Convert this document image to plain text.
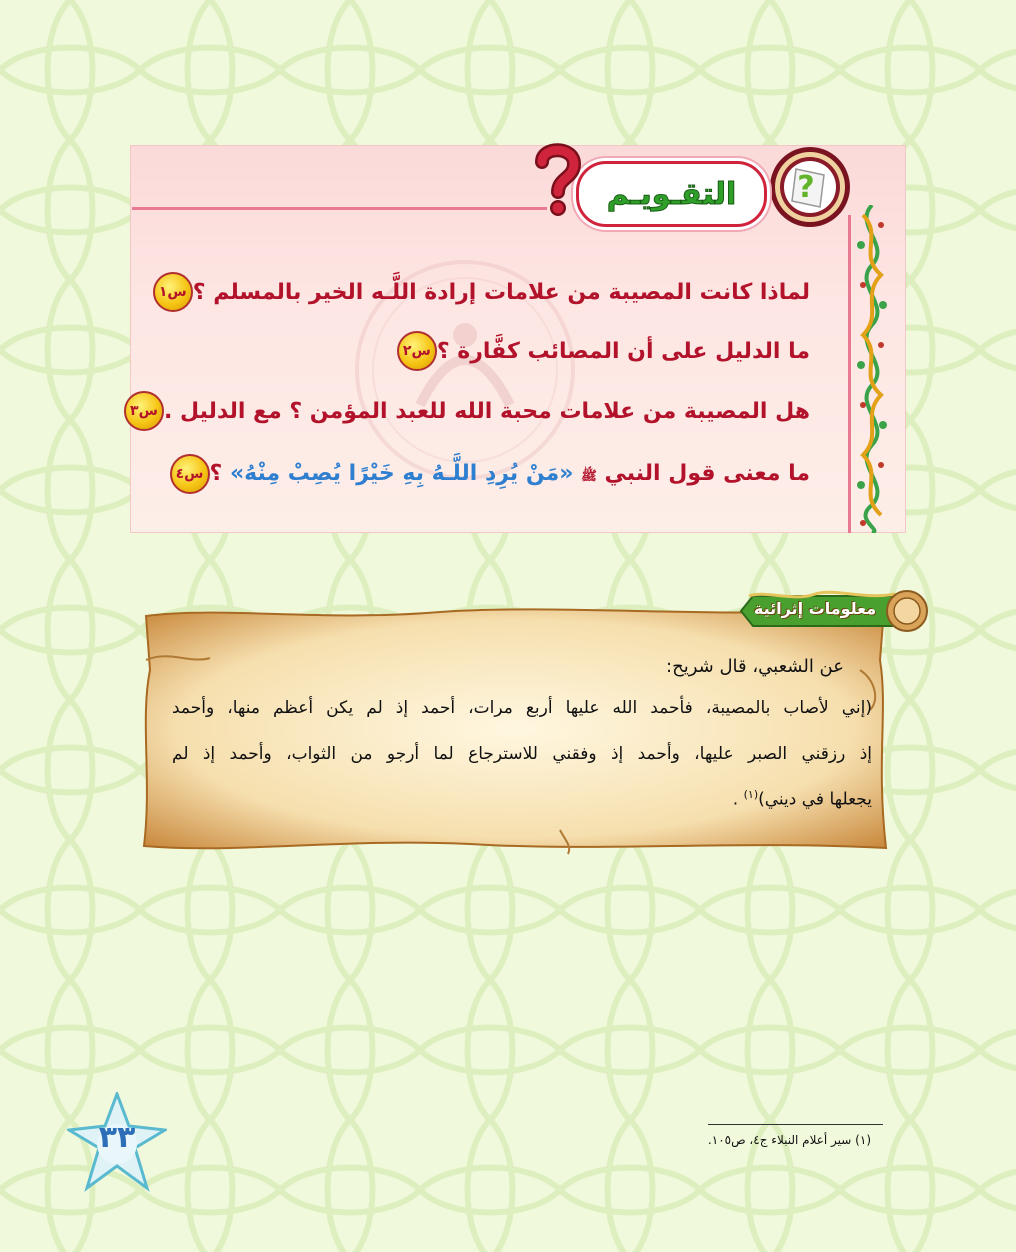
?
التقـويـم
س١ لماذا كانت المصيبة من علامات إرادة اللَّـه الخير بالمسلم ؟
س٢ ما الدليل على أن المصائب كفَّارة ؟
س٣ هل المصيبة من علامات محبة الله للعبد المؤمن ؟ مع الدليل .
س٤	ما معنى قول النبي ﷺ «مَنْ يُرِدِ اللَّـهُ بِهِ خَيْرًا يُصِبْ مِنْهُ» ؟
معلومات إثرائية
عن الشعبي، قال شريح:
(إني لأصاب بالمصيبة، فأحمد الله عليها أربع مرات، أحمد إذ لم يكن أعظم منها، وأحمد
إذ رزقني الصبر عليها، وأحمد إذ وفقني للاسترجاع لما أرجو من الثواب، وأحمد إذ لم
يجعلها في ديني)$^{(١)}$ .
(١) سير أعلام النبلاء ج٤، ص١٠٥.
٣٣
